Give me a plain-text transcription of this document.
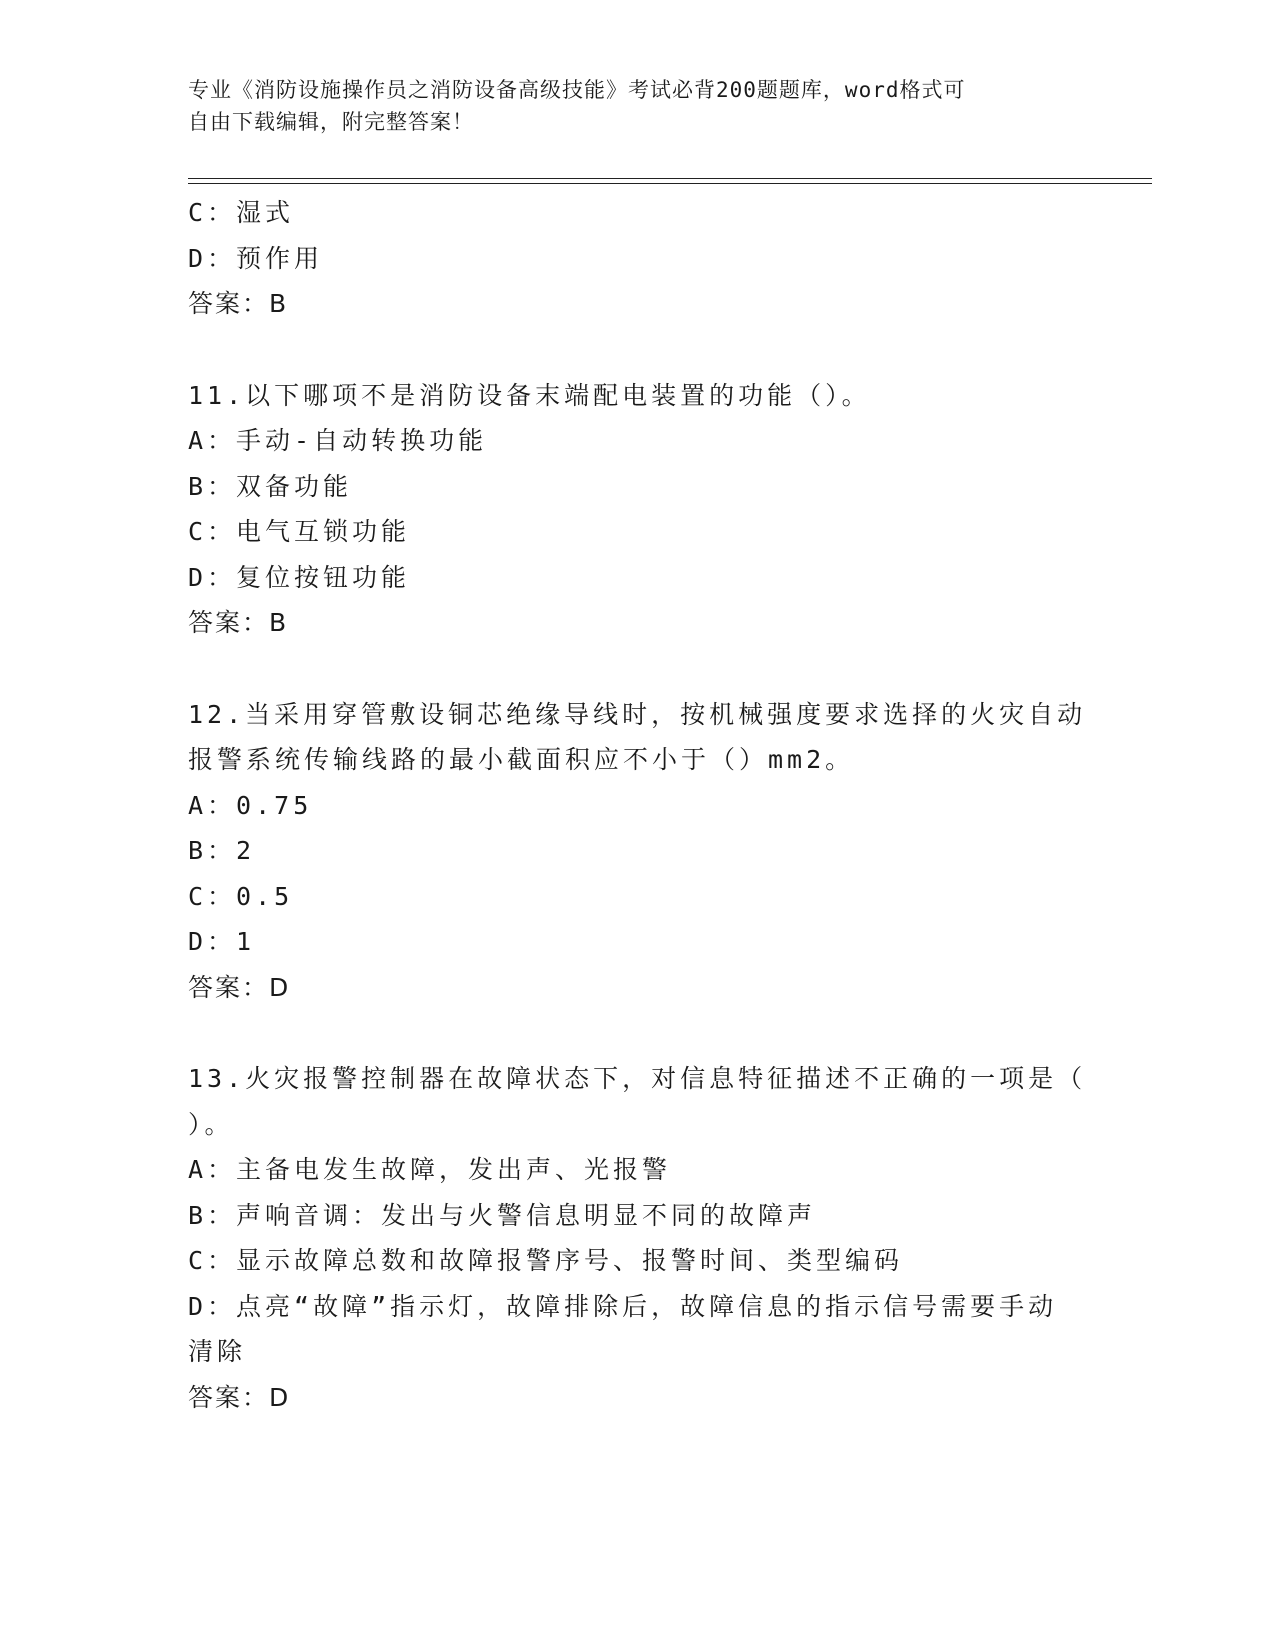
专业《消防设施操作员之消防设备高级技能》考试必背200题题库，word格式可
自由下载编辑，附完整答案！
C：湿式
D：预作用
答案：B
11.以下哪项不是消防设备末端配电装置的功能（）。
A：手动-自动转换功能
B：双备功能
C：电气互锁功能
D：复位按钮功能
答案：B
12.当采用穿管敷设铜芯绝缘导线时，按机械强度要求选择的火灾自动
报警系统传输线路的最小截面积应不小于（）mm2。
A：0.75
B：2
C：0.5
D：1
答案：D
13.火灾报警控制器在故障状态下，对信息特征描述不正确的一项是（
）。
A：主备电发生故障，发出声、光报警
B：声响音调：发出与火警信息明显不同的故障声
C：显示故障总数和故障报警序号、报警时间、类型编码
D：点亮“故障”指示灯，故障排除后，故障信息的指示信号需要手动
清除
答案：D
